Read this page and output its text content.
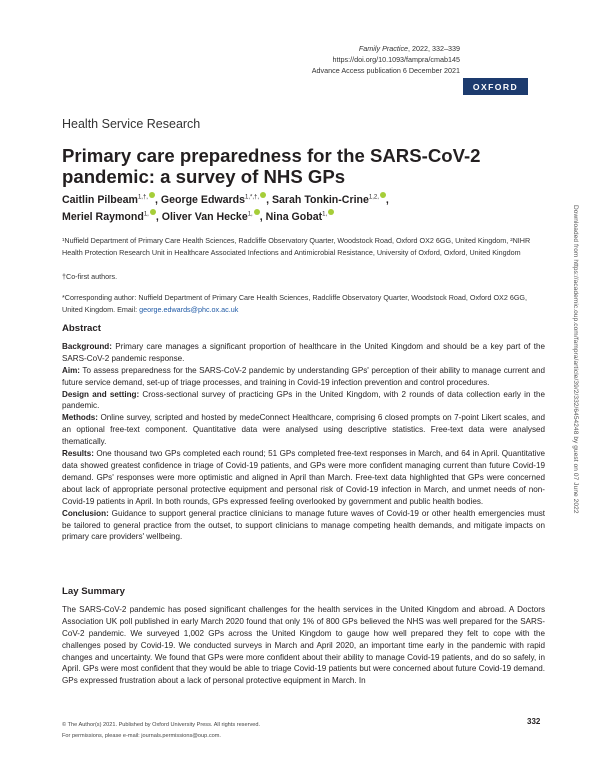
Family Practice, 2022, 332–339
https://doi.org/10.1093/fampra/cmab145
Advance Access publication 6 December 2021
OXFORD
Health Service Research
Primary care preparedness for the SARS-CoV-2 pandemic: a survey of NHS GPs
Caitlin Pilbeam$^{1,\dagger,}$ , George Edwards$^{1,*,\dagger,}$ , Sarah Tonkin-Crine$^{1,2,}$ ,
Meriel Raymond$^{1,}$ , Oliver Van Hecke$^{1,}$ , Nina Gobat$^{1,}$
¹Nuffield Department of Primary Care Health Sciences, Radcliffe Observatory Quarter, Woodstock Road, Oxford OX2 6GG, United Kingdom, ²NIHR Health Protection Research Unit in Healthcare Associated Infections and Antimicrobial Resistance, University of Oxford, Oxford, United Kingdom
†Co-first authors.
*Corresponding author: Nuffield Department of Primary Care Health Sciences, Radcliffe Observatory Quarter, Woodstock Road, Oxford OX2 6GG, United Kingdom. Email: george.edwards@phc.ox.ac.uk
Abstract

Background: Primary care manages a significant proportion of healthcare in the United Kingdom and should be a key part of the SARS-CoV-2 pandemic response.

Aim: To assess preparedness for the SARS-CoV-2 pandemic by understanding GPs' perception of their ability to manage current and future service demand, set-up of triage processes, and training in Covid-19 infection prevention and control procedures.

Design and setting: Cross-sectional survey of practicing GPs in the United Kingdom, with 2 rounds of data collection early in the pandemic.

Methods: Online survey, scripted and hosted by medeConnect Healthcare, comprising 6 closed prompts on 7-point Likert scales, and an optional free-text component. Quantitative data were analysed using descriptive statistics. Free-text data were analysed thematically.

Results: One thousand two GPs completed each round; 51 GPs completed free-text responses in March, and 64 in April. Quantitative data showed greatest confidence in triage of Covid-19 patients, and GPs were more confident managing current than future Covid-19 demand. GPs' responses were more optimistic and aligned in April than March. Free-text data highlighted that GPs were concerned about lack of appropriate personal protective equipment and personal risk of Covid-19 infection in March, and unmet needs of non-Covid-19 patients in April. In both rounds, GPs expressed feeling overlooked by government and public health bodies.

Conclusion: Guidance to support general practice clinicians to manage future waves of Covid-19 or other health emergencies must be tailored to general practice from the outset, to support clinicians to manage competing health demands, and mitigate impacts on primary care providers' wellbeing.

Lay Summary

The SARS-CoV-2 pandemic has posed significant challenges for the health services in the United Kingdom and abroad. A Doctors Association UK poll published in early March 2020 found that only 1% of 800 GPs believed the NHS was well prepared for the SARS-CoV-2 pandemic. We surveyed 1,002 GPs across the United Kingdom to gauge how well prepared they felt to cope with the challenges posed by Covid-19. We conducted surveys in March and April 2020, an important time early in the pandemic with rapid changes and uncertainty. We found that GPs were more confident about their ability to manage Covid-19 patients, and do so safely, in April. GPs were most confident that they would be able to triage Covid-19 patients but were concerned about future Covid-19 demand. GPs expressed frustration about a lack of personal protective equipment in March. In

© The Author(s) 2021. Published by Oxford University Press. All rights reserved.
For permissions, please e-mail: journals.permissions@oup.com.
332
Downloaded from https://academic.oup.com/fampra/article/39/2/332/6454248 by guest on 07 June 2022
